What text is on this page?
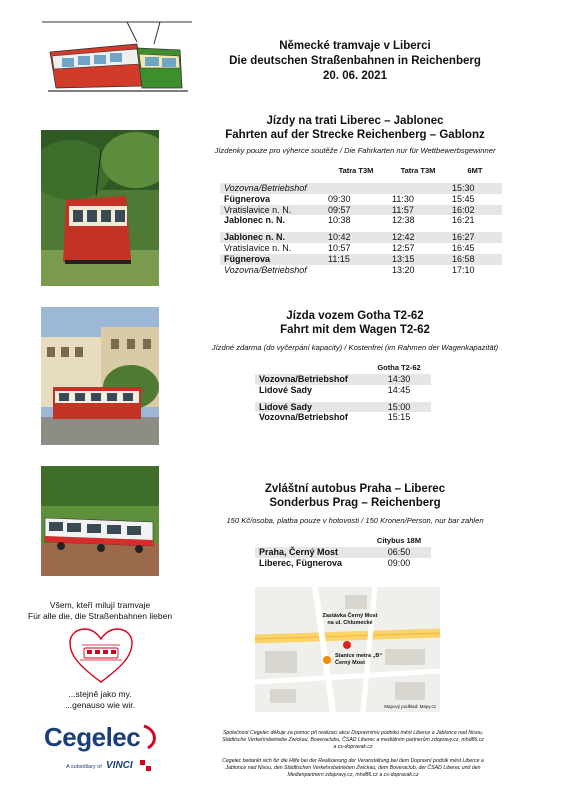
Německé tramvaje v Liberci
Die deutschen Straßenbahnen in Reichenberg
20. 06. 2021
Jízdy na trati Liberec – Jablonec
Fahrten auf der Strecke Reichenberg – Gablonz
Jízdenky pouze pro výherce soutěže / Die Fahrkarten nur für Wettbewerbsgewinner
	Tatra T3M	Tatra T3M	6MT

Vozovna/Betriebshof			15:30
Fügnerova	09:30	11:30	15:45
Vratislavice n. N.	09:57	11:57	16:02
Jablonec n. N.	10:38	12:38	16:21

Jablonec n. N.	10:42	12:42	16:27
Vratislavice n. N.	10:57	12:57	16:45
Fügnerova	11:15	13:15	16:58
Vozovna/Betriebshof		13:20	17:10
Jízda vozem Gotha T2-62
Fahrt mit dem Wagen T2-62
Jízdné zdarma (do vyčerpání kapacity) / Kostenfrei (im Rahmen der Wagenkapazität)
	Gotha T2-62
Vozovna/Betriebshof	14:30
Lidové Sady	14:45

Lidové Sady	15:00
Vozovna/Betriebshof	15:15
Zvláštní autobus Praha – Liberec
Sonderbus Prag – Reichenberg
150 Kč/osoba, platba pouze v hotovosti / 150 Kronen/Person, nur bar zahlen
	Citybus 18M
Praha, Černý Most	06:50
Liberec, Fügnerova	09:00
Zastávka Černý Most na ul. Chlumecké
Stanice metra „B“ Černý Most
Mapový podklad: Mapy.cz
Všem, kteří milují tramvaje
Für alle die, die Straßenbahnen lieben
...stejně jako my.
...genauso wie wir.
Cegelec
A subsidiary of VINCI
Společnost Cegelec děkuje za pomoc při realizaci akce Dopravnímu podniku měst Liberce a Jablonce nad Nisou, Städtische Verkehrsbetriebe Zwickau, Boveraclubu, ČSAD Liberec a mediálním partnerům zdopravy.cz, mhd86.cz a cs-dopravak.cz
Cegelec bedankt sich für die Hilfe bei der Realisierung der Veranstaltung bei dem Dopravní podnik měst Liberce a Jablonce nad Nisou, den Städtischen Verkehrsbetrieben Zwickau, dem Boveraclub, der ČSAD Liberec und den Medienpartnern zdopravy.cz, mhd86.cz a cs-dopravak.cz
